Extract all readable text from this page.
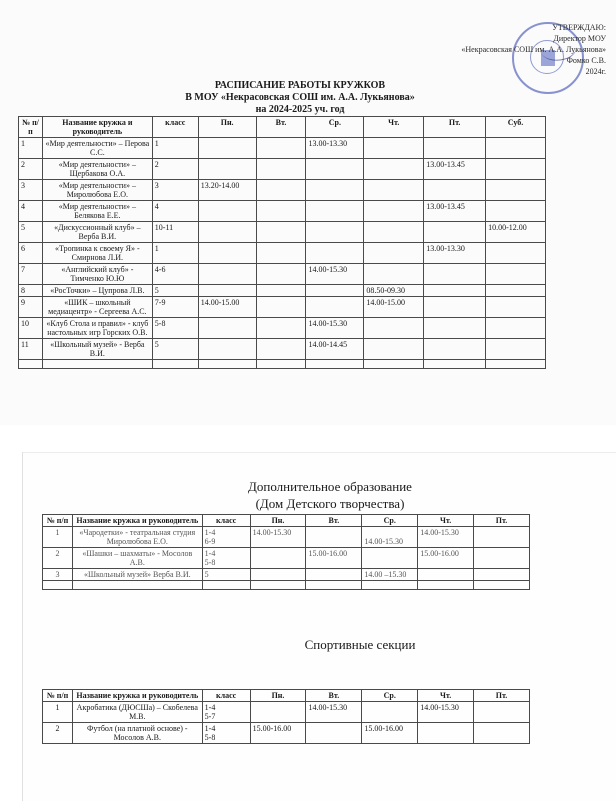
УТВЕРЖДАЮ:
Директор МОУ
«Некрасовская СОШ им. А.А. Лукьянова»
Фомко С.В.
2024г.
РАСПИСАНИЕ РАБОТЫ КРУЖКОВ
В МОУ «Некрасовская СОШ им. А.А. Лукьянова»
на 2024-2025 уч. год
№ п/п	Название кружка и руководитель	класс	Пн.	Вт.	Ср.	Чт.	Пт.	Суб.
1	«Мир деятельности» – Перова С.С.	1			13.00-13.30			
2	«Мир деятельности» – Щербакова О.А.	2					13.00-13.45	
3	«Мир деятельности» – Миролюбова Е.О.	3	13.20-14.00					
4	«Мир деятельности» – Белякова Е.Е.	4					13.00-13.45	
5	«Дискуссионный клуб» – Верба В.И.	10-11						10.00-12.00
6	«Тропинка к своему Я» - Смирнова Л.И.	1					13.00-13.30	
7	«Английский клуб» - Тимченко Ю.Ю	4-6			14.00-15.30			
8	«РосТочки» – Цупрова Л.В.	5				08.50-09.30		
9	«ШИК – школьный медиацентр» - Сергеева А.С.	7-9	14.00-15.00			14.00-15.00		
10	«Клуб Стола и правил» - клуб настольных игр Горских О.В.	5-8			14.00-15.30			
11	«Школьный музей» - Верба В.И.	5			14.00-14.45			

Дополнительное образование
(Дом Детского творчества)
№ п/п	Название кружка и руководитель	класс	Пн.	Вт.	Ср.	Чт.	Пт.
1	«Чародетки» - театральная студия Миролюбова Е.О.	1-4
6-9	14.00-15.30		14.00-15.30	14.00-15.30	
2	«Шашки – шахматы» - Мосолов А.В.	1-4
5-8		15.00-16.00		15.00-16.00	
3	«Школьный музей» Верба В.И.	5			14.00 –15.30		

Спортивные секции
№ п/п	Название кружка и руководитель	класс	Пн.	Вт.	Ср.	Чт.	Пт.
1	Акробатика (ДЮСШа) – Скобелева М.В.	1-4
5-7		14.00-15.30		14.00-15.30	
2	Футбол (на платной основе) - Мосолов А.В.	1-4
5-8	15.00-16.00		15.00-16.00		
